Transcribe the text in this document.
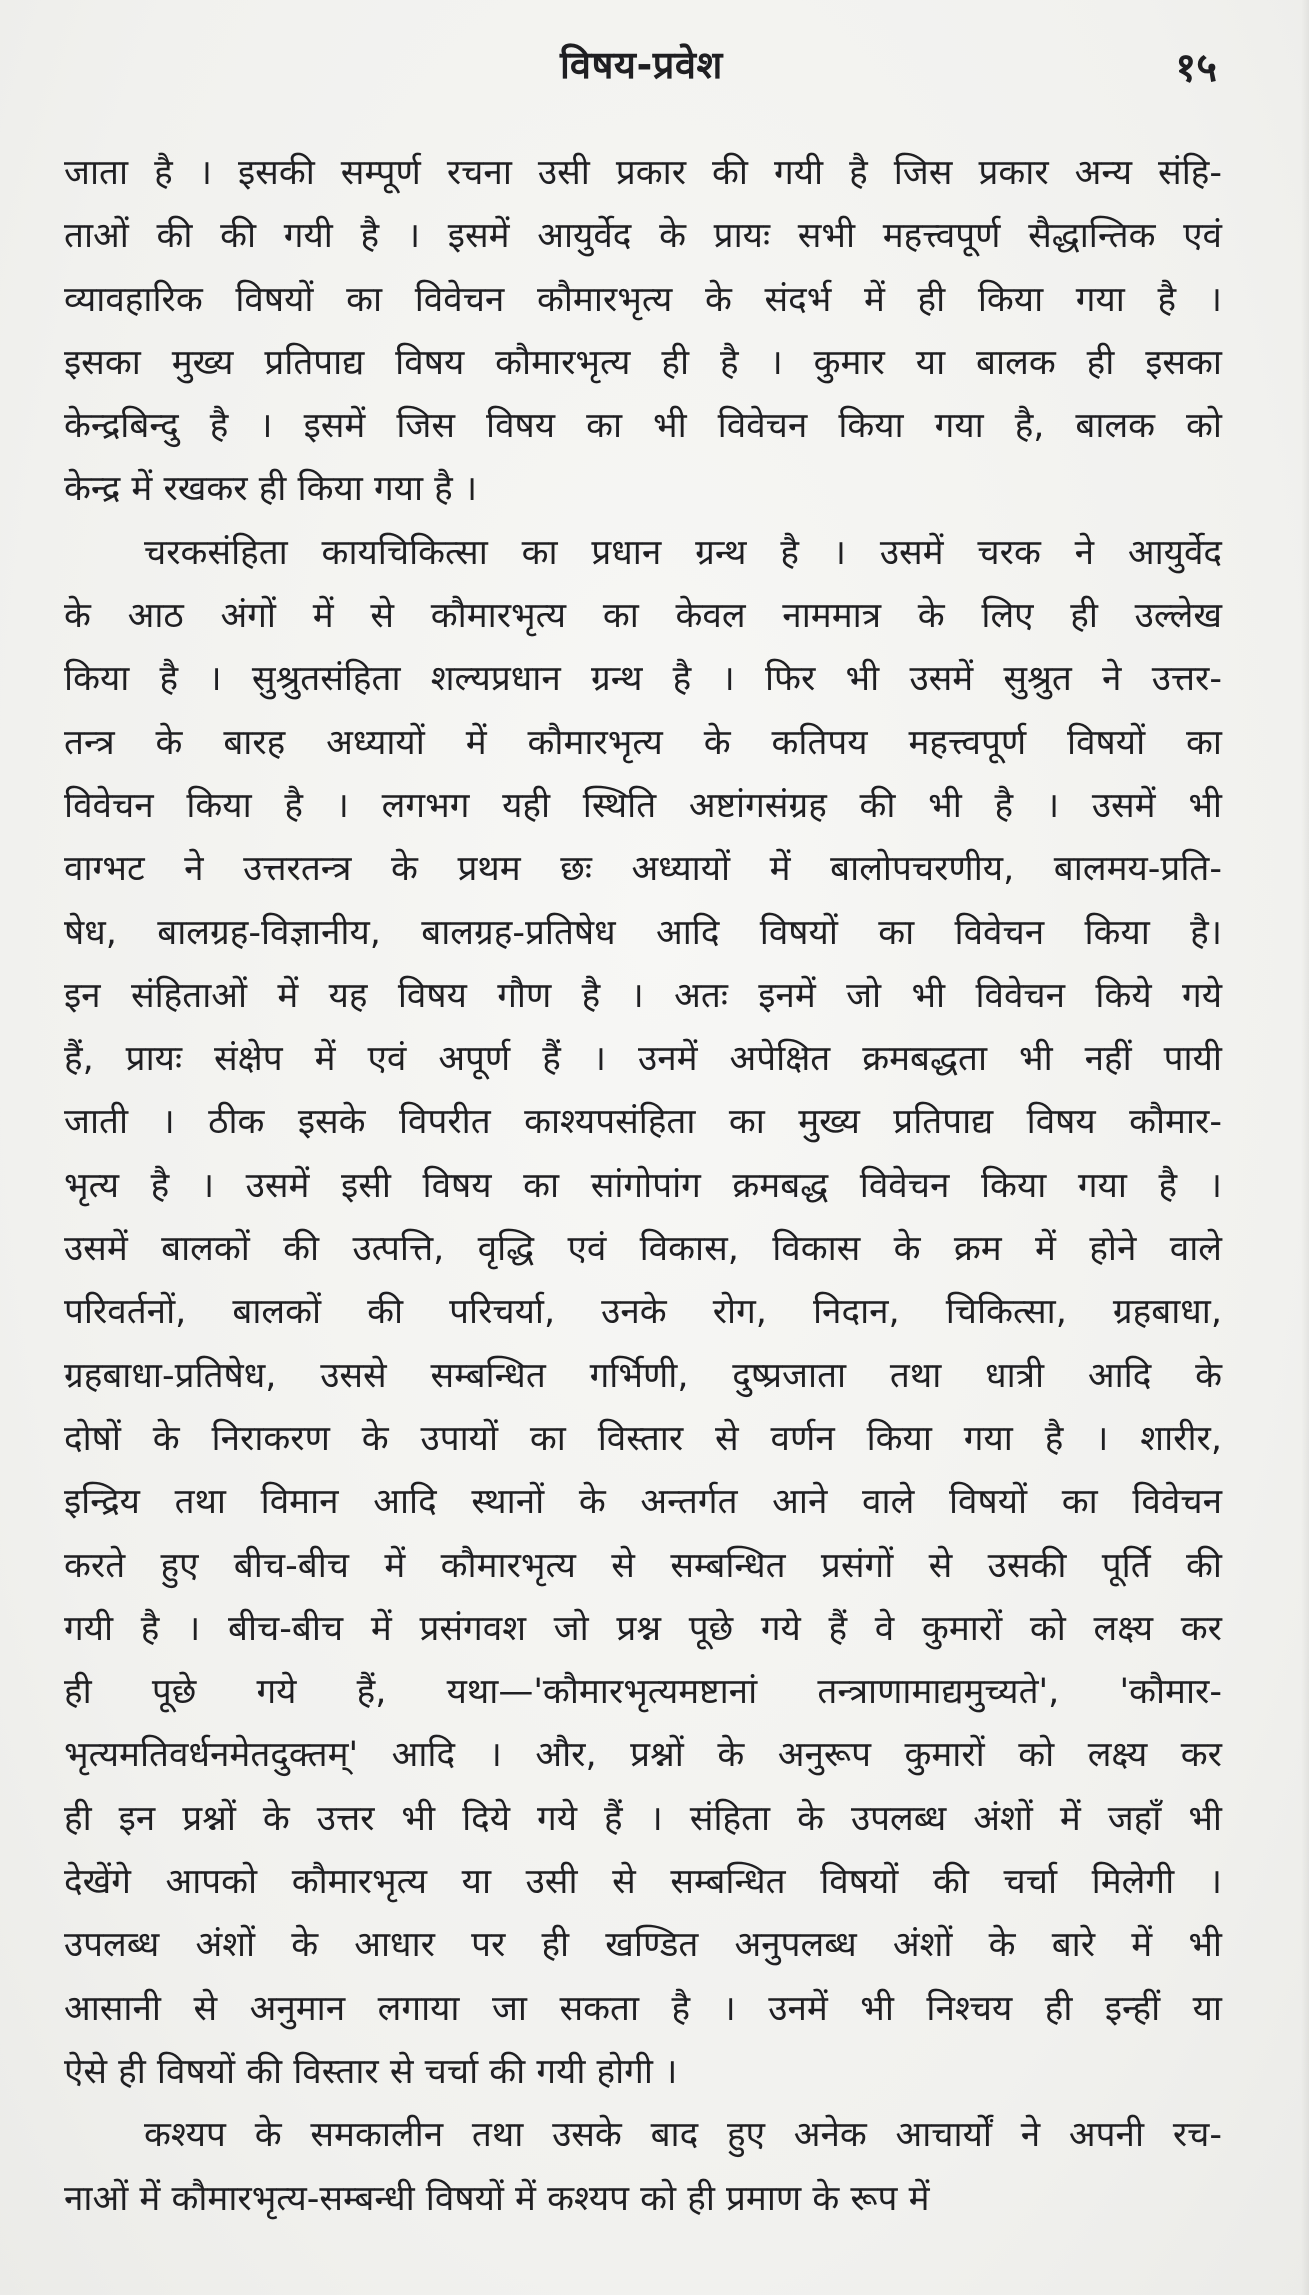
विषय-प्रवेश	१५
जाता है । इसकी सम्पूर्ण रचना उसी प्रकार की गयी है जिस प्रकार अन्य संहि-
ताओं की की गयी है । इसमें आयुर्वेद के प्रायः सभी महत्त्वपूर्ण सैद्धान्तिक एवं
व्यावहारिक विषयों का विवेचन कौमारभृत्य के संदर्भ में ही किया गया है ।
इसका मुख्य प्रतिपाद्य विषय कौमारभृत्य ही है । कुमार या बालक ही इसका
केन्द्रबिन्दु है । इसमें जिस विषय का भी विवेचन किया गया है, बालक को
केन्द्र में रखकर ही किया गया है ।
चरकसंहिता कायचिकित्सा का प्रधान ग्रन्थ है । उसमें चरक ने आयुर्वेद
के आठ अंगों में से कौमारभृत्य का केवल नाममात्र के लिए ही उल्लेख
किया है । सुश्रुतसंहिता शल्यप्रधान ग्रन्थ है । फिर भी उसमें सुश्रुत ने उत्तर-
तन्त्र के बारह अध्यायों में कौमारभृत्य के कतिपय महत्त्वपूर्ण विषयों का
विवेचन किया है । लगभग यही स्थिति अष्टांगसंग्रह की भी है । उसमें भी
वाग्भट ने उत्तरतन्त्र के प्रथम छः अध्यायों में बालोपचरणीय, बालमय-प्रति-
षेध, बालग्रह-विज्ञानीय, बालग्रह-प्रतिषेध आदि विषयों का विवेचन किया है।
इन संहिताओं में यह विषय गौण है । अतः इनमें जो भी विवेचन किये गये
हैं, प्रायः संक्षेप में एवं अपूर्ण हैं । उनमें अपेक्षित क्रमबद्धता भी नहीं पायी
जाती । ठीक इसके विपरीत काश्यपसंहिता का मुख्य प्रतिपाद्य विषय कौमार-
भृत्य है । उसमें इसी विषय का सांगोपांग क्रमबद्ध विवेचन किया गया है ।
उसमें बालकों की उत्पत्ति, वृद्धि एवं विकास, विकास के क्रम में होने वाले
परिवर्तनों, बालकों की परिचर्या, उनके रोग, निदान, चिकित्सा, ग्रहबाधा,
ग्रहबाधा-प्रतिषेध, उससे सम्बन्धित गर्भिणी, दुष्प्रजाता तथा धात्री आदि के
दोषों के निराकरण के उपायों का विस्तार से वर्णन किया गया है । शारीर,
इन्द्रिय तथा विमान आदि स्थानों के अन्तर्गत आने वाले विषयों का विवेचन
करते हुए बीच-बीच में कौमारभृत्य से सम्बन्धित प्रसंगों से उसकी पूर्ति की
गयी है । बीच-बीच में प्रसंगवश जो प्रश्न पूछे गये हैं वे कुमारों को लक्ष्य कर
ही पूछे गये हैं, यथा—'कौमारभृत्यमष्टानां तन्त्राणामाद्यमुच्यते', 'कौमार-
भृत्यमतिवर्धनमेतदुक्तम्' आदि । और, प्रश्नों के अनुरूप कुमारों को लक्ष्य कर
ही इन प्रश्नों के उत्तर भी दिये गये हैं । संहिता के उपलब्ध अंशों में जहाँ भी
देखेंगे आपको कौमारभृत्य या उसी से सम्बन्धित विषयों की चर्चा मिलेगी ।
उपलब्ध अंशों के आधार पर ही खण्डित अनुपलब्ध अंशों के बारे में भी
आसानी से अनुमान लगाया जा सकता है । उनमें भी निश्चय ही इन्हीं या
ऐसे ही विषयों की विस्तार से चर्चा की गयी होगी ।
कश्यप के समकालीन तथा उसके बाद हुए अनेक आचार्यों ने अपनी रच-
नाओं में कौमारभृत्य-सम्बन्धी विषयों में कश्यप को ही प्रमाण के रूप में
